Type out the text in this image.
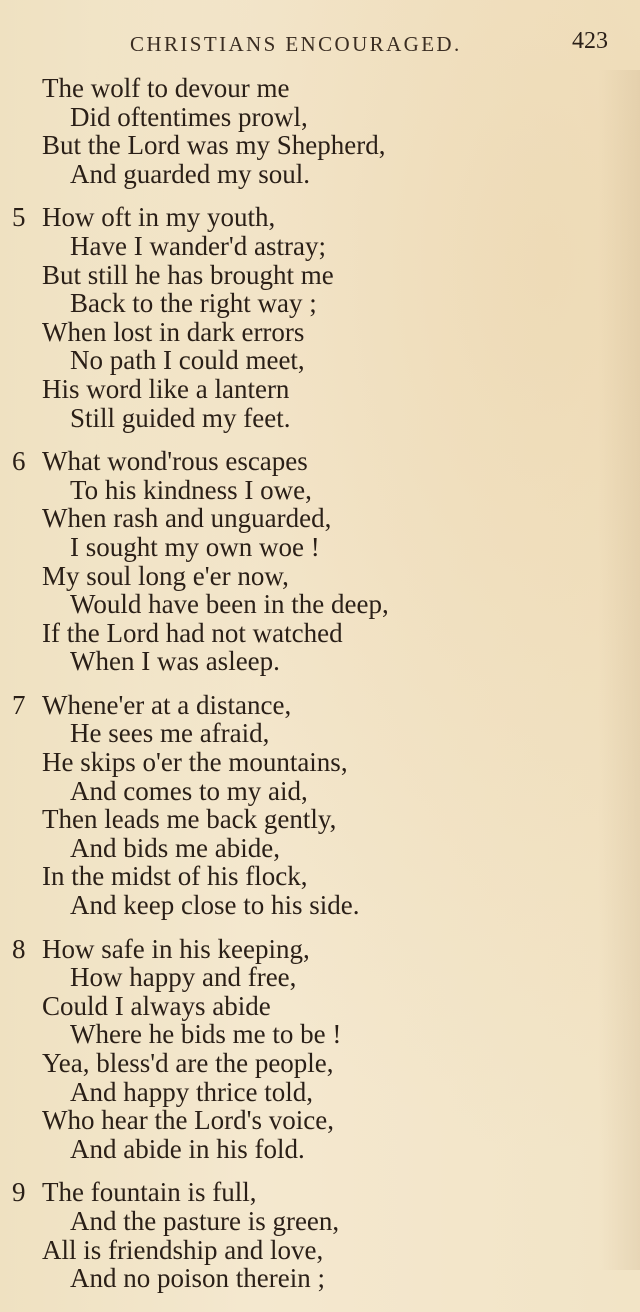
CHRISTIANS ENCOURAGED.	423
The wolf to devour me
Did oftentimes prowl,
But the Lord was my Shepherd,
And guarded my soul.
5 How oft in my youth,
Have I wander'd astray;
But still he has brought me
Back to the right way ;
When lost in dark errors
No path I could meet,
His word like a lantern
Still guided my feet.
6 What wond'rous escapes
To his kindness I owe,
When rash and unguarded,
I sought my own woe !
My soul long e'er now,
Would have been in the deep,
If the Lord had not watched
When I was asleep.
7 Whene'er at a distance,
He sees me afraid,
He skips o'er the mountains,
And comes to my aid,
Then leads me back gently,
And bids me abide,
In the midst of his flock,
And keep close to his side.
8 How safe in his keeping,
How happy and free,
Could I always abide
Where he bids me to be !
Yea, bless'd are the people,
And happy thrice told,
Who hear the Lord's voice,
And abide in his fold.
9 The fountain is full,
And the pasture is green,
All is friendship and love,
And no poison therein ;
